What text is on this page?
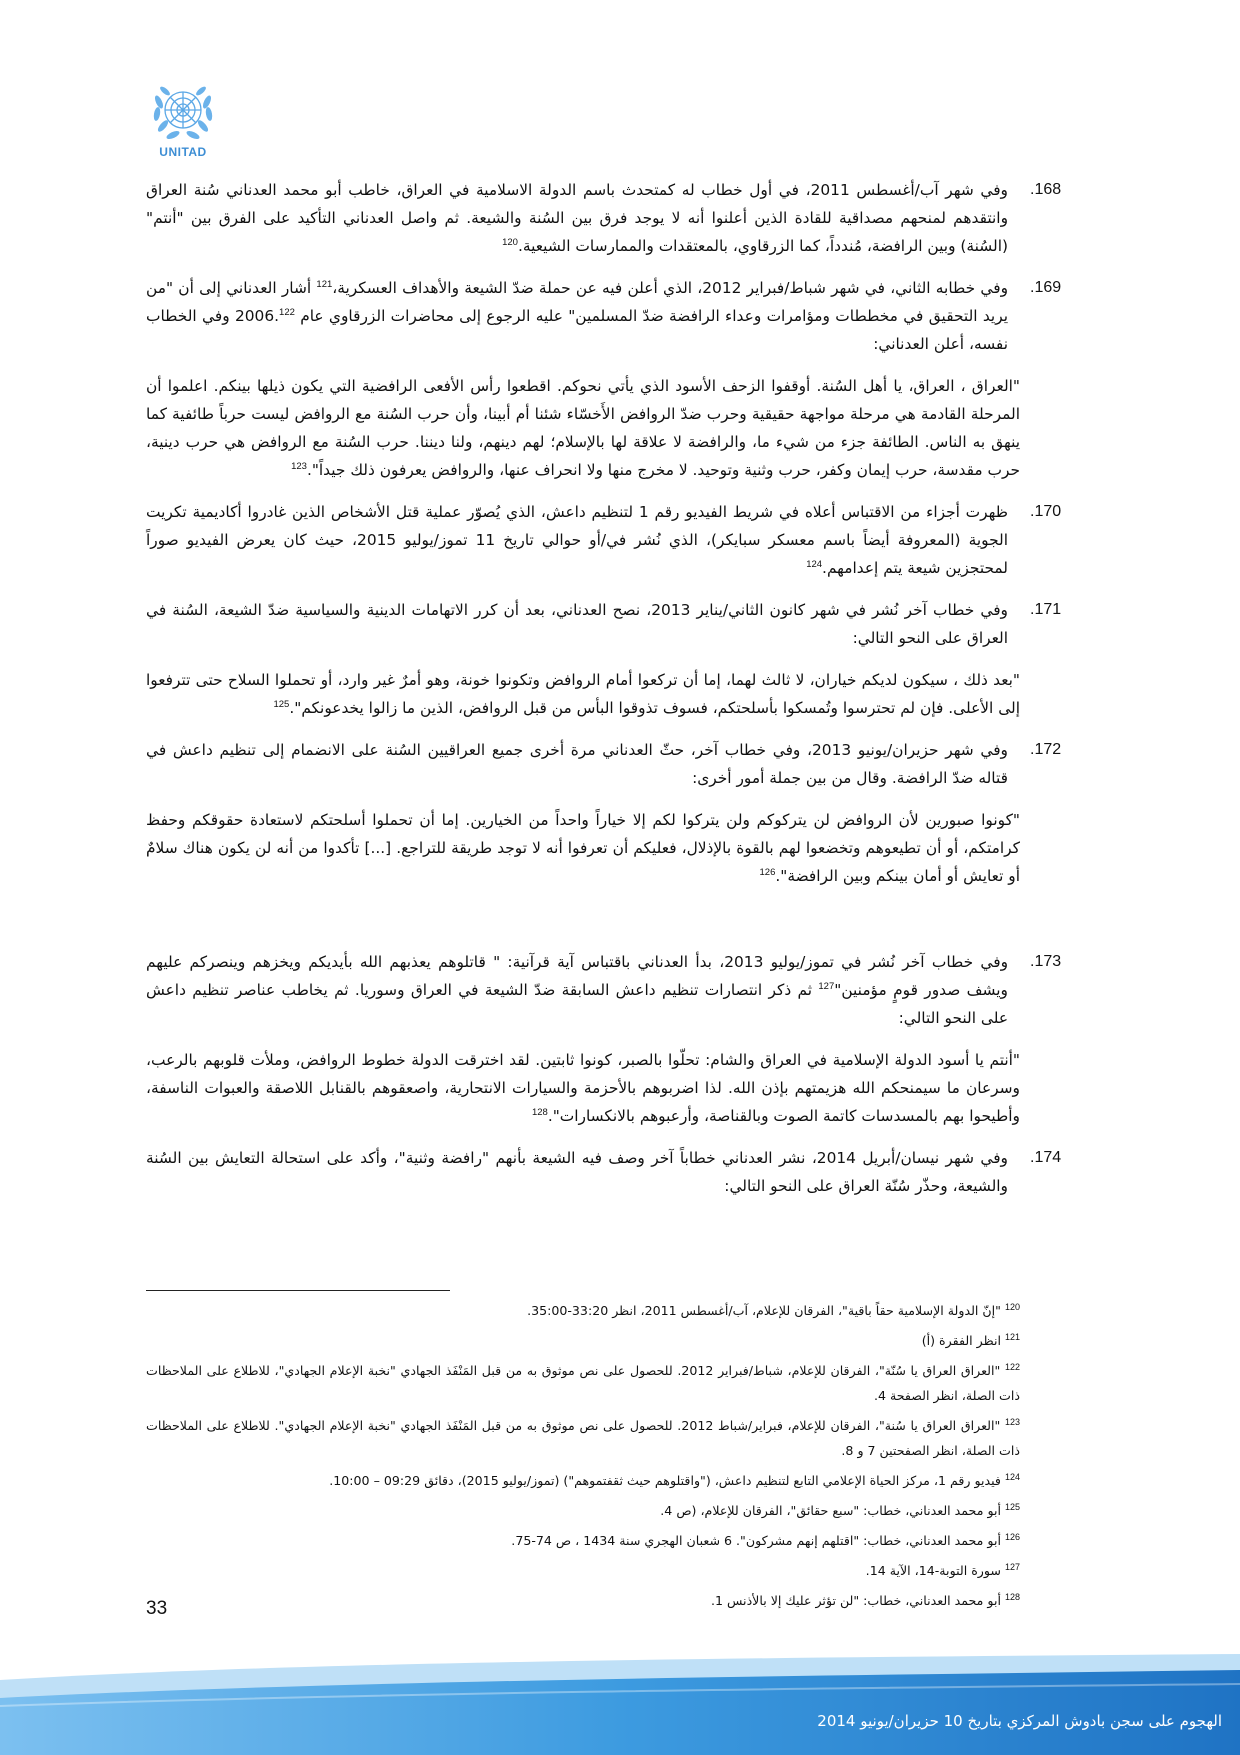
UNITAD
.168
وفي شهر آب/أغسطس 2011، في أول خطاب له كمتحدث باسم الدولة الاسلامية في العراق، خاطب أبو محمد العدناني سُنة العراق وانتقدهم لمنحهم مصداقية للقادة الذين أعلنوا أنه لا يوجد فرق بين السُنة والشيعة. ثم واصل العدناني التأكيد على الفرق بين "أنتم" (السُنة) وبين الرافضة، مُندداً، كما الزرقاوي، بالمعتقدات والممارسات الشيعية.$^{120}$
.169
وفي خطابه الثاني، في شهر شباط/فبراير 2012، الذي أعلن فيه عن حملة ضدّ الشيعة والأهداف العسكرية،$^{121}$ أشار العدناني إلى أن "من يريد التحقيق في مخططات ومؤامرات وعداء الرافضة ضدّ المسلمين" عليه الرجوع إلى محاضرات الزرقاوي عام 2006.$^{122}$ وفي الخطاب نفسه، أعلن العدناني:
"العراق ، العراق، يا أهل السُنة. أوقفوا الزحف الأسود الذي يأتي نحوكم. اقطعوا رأس الأفعى الرافضية التي يكون ذيلها بينكم. اعلموا أن المرحلة القادمة هي مرحلة مواجهة حقيقية وحرب ضدّ الروافض الأَخسّاء شئنا أم أبينا، وأن حرب السُنة مع الروافض ليست حرباً طائفية كما ينهق به الناس. الطائفة جزء من شيء ما، والرافضة لا علاقة لها بالإسلام؛ لهم دينهم، ولنا ديننا. حرب السُنة مع الروافض هي حرب دينية، حرب مقدسة، حرب إيمان وكفر، حرب وثنية وتوحيد. لا مخرج منها ولا انحراف عنها، والروافض يعرفون ذلك جيداً".$^{123}$
.170
ظهرت أجزاء من الاقتباس أعلاه في شريط الفيديو رقم 1 لتنظيم داعش، الذي يُصوّر عملية قتل الأشخاص الذين غادروا أكاديمية تكريت الجوية (المعروفة أيضاً باسم معسكر سبايكر)، الذي نُشر في/أو حوالي تاريخ 11 تموز/يوليو 2015، حيث كان يعرض الفيديو صوراً لمحتجزين شيعة يتم إعدامهم.$^{124}$
.171
وفي خطاب آخر نُشر في شهر كانون الثاني/يناير 2013، نصح العدناني، بعد أن كرر الاتهامات الدينية والسياسية ضدّ الشيعة، السُنة في العراق على النحو التالي:
"بعد ذلك ، سيكون لديكم خياران، لا ثالث لهما، إما أن تركعوا أمام الروافض وتكونوا خونة، وهو أمرٌ غير وارد، أو تحملوا السلاح حتى تترفعوا إلى الأعلى. فإن لم تحترسوا وتُمسكوا بأسلحتكم، فسوف تذوقوا البأس من قبل الروافض، الذين ما زالوا يخدعونكم".$^{125}$
.172
وفي شهر حزيران/يونيو 2013، وفي خطاب آخر، حثّ العدناني مرة أخرى جميع العراقيين السُنة على الانضمام إلى تنظيم داعش في قتاله ضدّ الرافضة. وقال من بين جملة أمور أخرى:
"كونوا صبورين لأن الروافض لن يتركوكم ولن يتركوا لكم إلا خياراً واحداً من الخيارين. إما أن تحملوا أسلحتكم لاستعادة حقوقكم وحفظ كرامتكم، أو أن تطيعوهم وتخضعوا لهم بالقوة بالإذلال، فعليكم أن تعرفوا أنه لا توجد طريقة للتراجع. [...] تأكدوا من أنه لن يكون هناك سلامٌ أو تعايش أو أمان بينكم وبين الرافضة".$^{126}$
.173
وفي خطاب آخر نُشر في تموز/يوليو 2013، بدأ العدناني باقتباس آية قرآنية: " قاتلوهم يعذبهم الله بأيديكم ويخزهم وينصركم عليهم ويشف صدور قومٍ مؤمنين"$^{127}$ ثم ذكر انتصارات تنظيم داعش السابقة ضدّ الشيعة في العراق وسوريا. ثم يخاطب عناصر تنظيم داعش على النحو التالي:
"أنتم يا أسود الدولة الإسلامية في العراق والشام: تحلّوا بالصبر، كونوا ثابتين. لقد اخترقت الدولة خطوط الروافض، وملأت قلوبهم بالرعب، وسرعان ما سيمنحكم الله هزيمتهم بإذن الله. لذا اضربوهم بالأحزمة والسيارات الانتحارية، واصعقوهم بالقنابل اللاصقة والعبوات الناسفة، وأطيحوا بهم بالمسدسات كاتمة الصوت وبالقناصة، وأرعبوهم بالانكسارات".$^{128}$
.174
وفي شهر نيسان/أبريل 2014، نشر العدناني خطاباً آخر وصف فيه الشيعة بأنهم "رافضة وثنية"، وأكد على استحالة التعايش بين السُنة والشيعة، وحذّر سُنّة العراق على النحو التالي:
$^{120}$ "إنّ الدولة الإسلامية حقاً باقية"، الفرقان للإعلام، آب/أغسطس 2011، انظر 33:20-35:00.
$^{121}$ انظر الفقرة (أ)
$^{122}$ "العراق العراق يا سُنّة"، الفرقان للإعلام، شباط/فبراير 2012. للحصول على نص موثوق به من قبل المَنْفَذ الجهادي "نخبة الإعلام الجهادي"، للاطلاع على الملاحظات ذات الصلة، انظر الصفحة 4.
$^{123}$ "العراق العراق يا سُنة"، الفرقان للإعلام، فبراير/شباط 2012. للحصول على نص موثوق به من قبل المَنْفَذ الجهادي "نخبة الإعلام الجهادي". للاطلاع على الملاحظات ذات الصلة، انظر الصفحتين 7 و 8.
$^{124}$ فيديو رقم 1، مركز الحياة الإعلامي التابع لتنظيم داعش، ("واقتلوهم حيث ثقفتموهم") (تموز/يوليو 2015)، دقائق 09:29 – 10:00.
$^{125}$ أبو محمد العدناني، خطاب: "سبع حقائق"، الفرقان للإعلام، (ص 4.
$^{126}$ أبو محمد العدناني، خطاب: "اقتلهم إنهم مشركون". 6 شعبان الهجري سنة 1434 ، ص 74-75.
$^{127}$ سورة التوبة-14، الآية 14.
$^{128}$ أبو محمد العدناني، خطاب: "لن تؤثر عليك إلا بالأذنس 1.
33
الهجوم على سجن بادوش المركزي بتاريخ 10 حزيران/يونيو 2014
